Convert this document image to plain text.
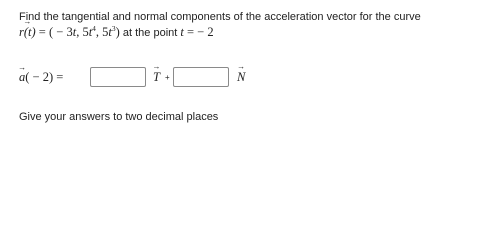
Find the tangential and normal components of the acceleration vector for the curve
→ r(t) = ( − 3t, $5t^4$, $5t^3$) at the point t = − 2
→ a( − 2) =	→ T +	→ N
Give your answers to two decimal places
